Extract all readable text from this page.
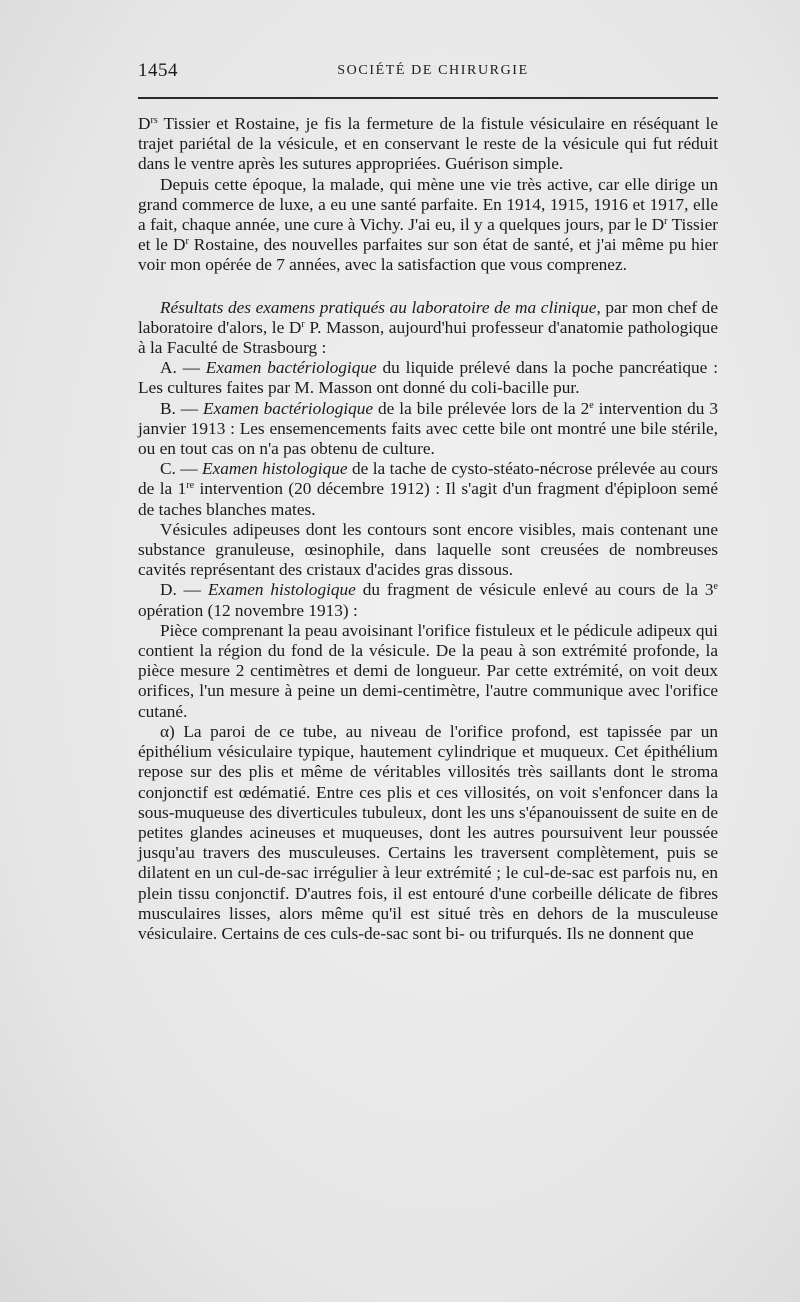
1454	SOCIÉTÉ DE CHIRURGIE

$D^{rs}$ Tissier et Rostaine, je fis la fermeture de la fistule vésiculaire en réséquant le trajet pariétal de la vésicule, et en conservant le reste de la vésicule qui fut réduit dans le ventre après les sutures appropriées. Guérison simple.

Depuis cette époque, la malade, qui mène une vie très active, car elle dirige un grand commerce de luxe, a eu une santé parfaite. En 1914, 1915, 1916 et 1917, elle a fait, chaque année, une cure à Vichy. J'ai eu, il y a quelques jours, par le $D^r$ Tissier et le $D^r$ Rostaine, des nouvelles parfaites sur son état de santé, et j'ai même pu hier voir mon opérée de 7 années, avec la satisfaction que vous comprenez.

Résultats des examens pratiqués au laboratoire de ma clinique, par mon chef de laboratoire d'alors, le $D^r$ P. Masson, aujourd'hui professeur d'anatomie pathologique à la Faculté de Strasbourg :

A. — Examen bactériologique du liquide prélevé dans la poche pancréatique : Les cultures faites par M. Masson ont donné du coli-bacille pur.

B. — Examen bactériologique de la bile prélevée lors de la 2e intervention du 3 janvier 1913 : Les ensemencements faits avec cette bile ont montré une bile stérile, ou en tout cas on n'a pas obtenu de culture.

C. — Examen histologique de la tache de cysto-stéato-nécrose prélevée au cours de la 1re intervention (20 décembre 1912) : Il s'agit d'un fragment d'épiploon semé de taches blanches mates.

Vésicules adipeuses dont les contours sont encore visibles, mais contenant une substance granuleuse, œsinophile, dans laquelle sont creusées de nombreuses cavités représentant des cristaux d'acides gras dissous.

D. — Examen histologique du fragment de vésicule enlevé au cours de la 3e opération (12 novembre 1913) :

Pièce comprenant la peau avoisinant l'orifice fistuleux et le pédicule adipeux qui contient la région du fond de la vésicule. De la peau à son extrémité profonde, la pièce mesure 2 centimètres et demi de longueur. Par cette extrémité, on voit deux orifices, l'un mesure à peine un demi-centimètre, l'autre communique avec l'orifice cutané.

α) La paroi de ce tube, au niveau de l'orifice profond, est tapissée par un épithélium vésiculaire typique, hautement cylindrique et muqueux. Cet épithélium repose sur des plis et même de véritables villosités très saillants dont le stroma conjonctif est œdématié. Entre ces plis et ces villosités, on voit s'enfoncer dans la sous-muqueuse des diverticules tubuleux, dont les uns s'épanouissent de suite en de petites glandes acineuses et muqueuses, dont les autres poursuivent leur poussée jusqu'au travers des musculeuses. Certains les traversent complètement, puis se dilatent en un cul-de-sac irrégulier à leur extrémité ; le cul-de-sac est parfois nu, en plein tissu conjonctif. D'autres fois, il est entouré d'une corbeille délicate de fibres musculaires lisses, alors même qu'il est situé très en dehors de la musculeuse vésiculaire. Certains de ces culs-de-sac sont bi- ou trifurqués. Ils ne donnent que
